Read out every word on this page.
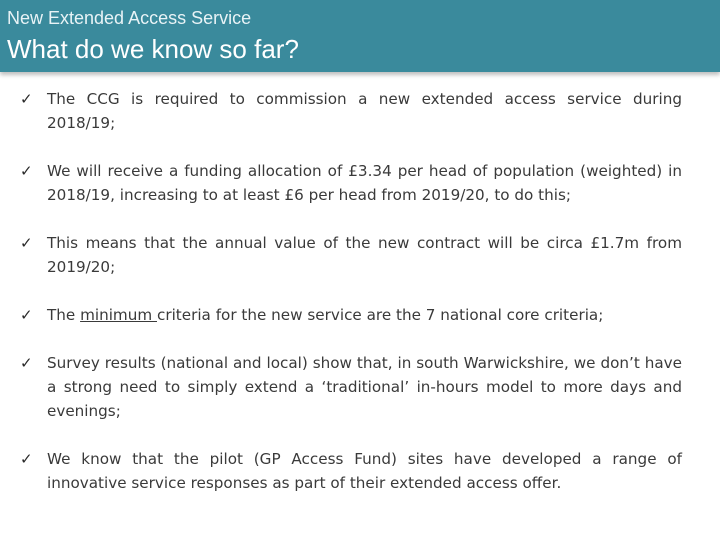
New Extended Access Service
What do we know so far?
✓ The CCG is required to commission a new extended access service during 2018/19;
✓ We will receive a funding allocation of £3.34 per head of population (weighted) in 2018/19, increasing to at least £6 per head from 2019/20, to do this;
✓ This means that the annual value of the new contract will be circa £1.7m from 2019/20;
✓ The minimum criteria for the new service are the 7 national core criteria;
✓ Survey results (national and local) show that, in south Warwickshire, we don’t have a strong need to simply extend a ‘traditional’ in-hours model to more days and evenings;
✓ We know that the pilot (GP Access Fund) sites have developed a range of innovative service responses as part of their extended access offer.
